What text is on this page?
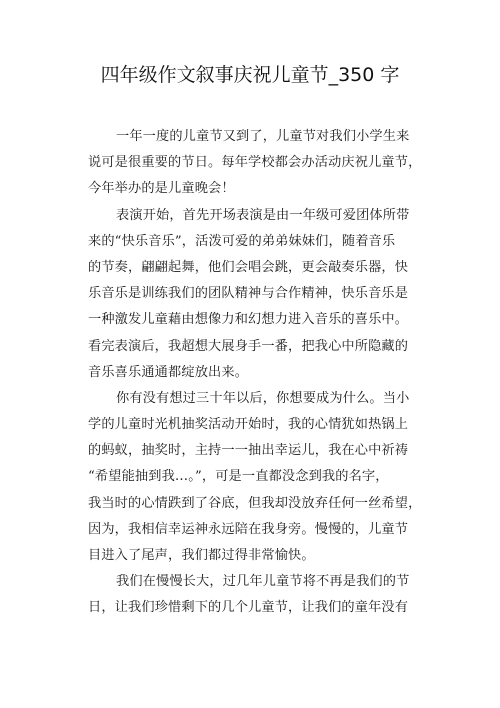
四年级作文叙事庆祝儿童节_350 字
一年一度的儿童节又到了，儿童节对我们小学生来
说可是很重要的节日。每年学校都会办活动庆祝儿童节，
今年举办的是儿童晚会！
表演开始，首先开场表演是由一年级可爱团体所带
来的“快乐音乐”，活泼可爱的弟弟妹妹们，随着音乐
的节奏，翩翩起舞，他们会唱会跳，更会敲奏乐器，快
乐音乐是训练我们的团队精神与合作精神，快乐音乐是
一种激发儿童藉由想像力和幻想力进入音乐的喜乐中。
看完表演后，我超想大展身手一番，把我心中所隐藏的
音乐喜乐通通都绽放出来。
你有没有想过三十年以后，你想要成为什么。当小
学的儿童时光机抽奖活动开始时，我的心情犹如热锅上
的蚂蚁，抽奖时，主持一一抽出幸运儿，我在心中祈祷
“希望能抽到我…。”，可是一直都没念到我的名字，
我当时的心情跌到了谷底，但我却没放弃任何一丝希望，
因为，我相信幸运神永远陪在我身旁。慢慢的，儿童节
目进入了尾声，我们都过得非常愉快。
我们在慢慢长大，过几年儿童节将不再是我们的节
日，让我们珍惜剩下的几个儿童节，让我们的童年没有
